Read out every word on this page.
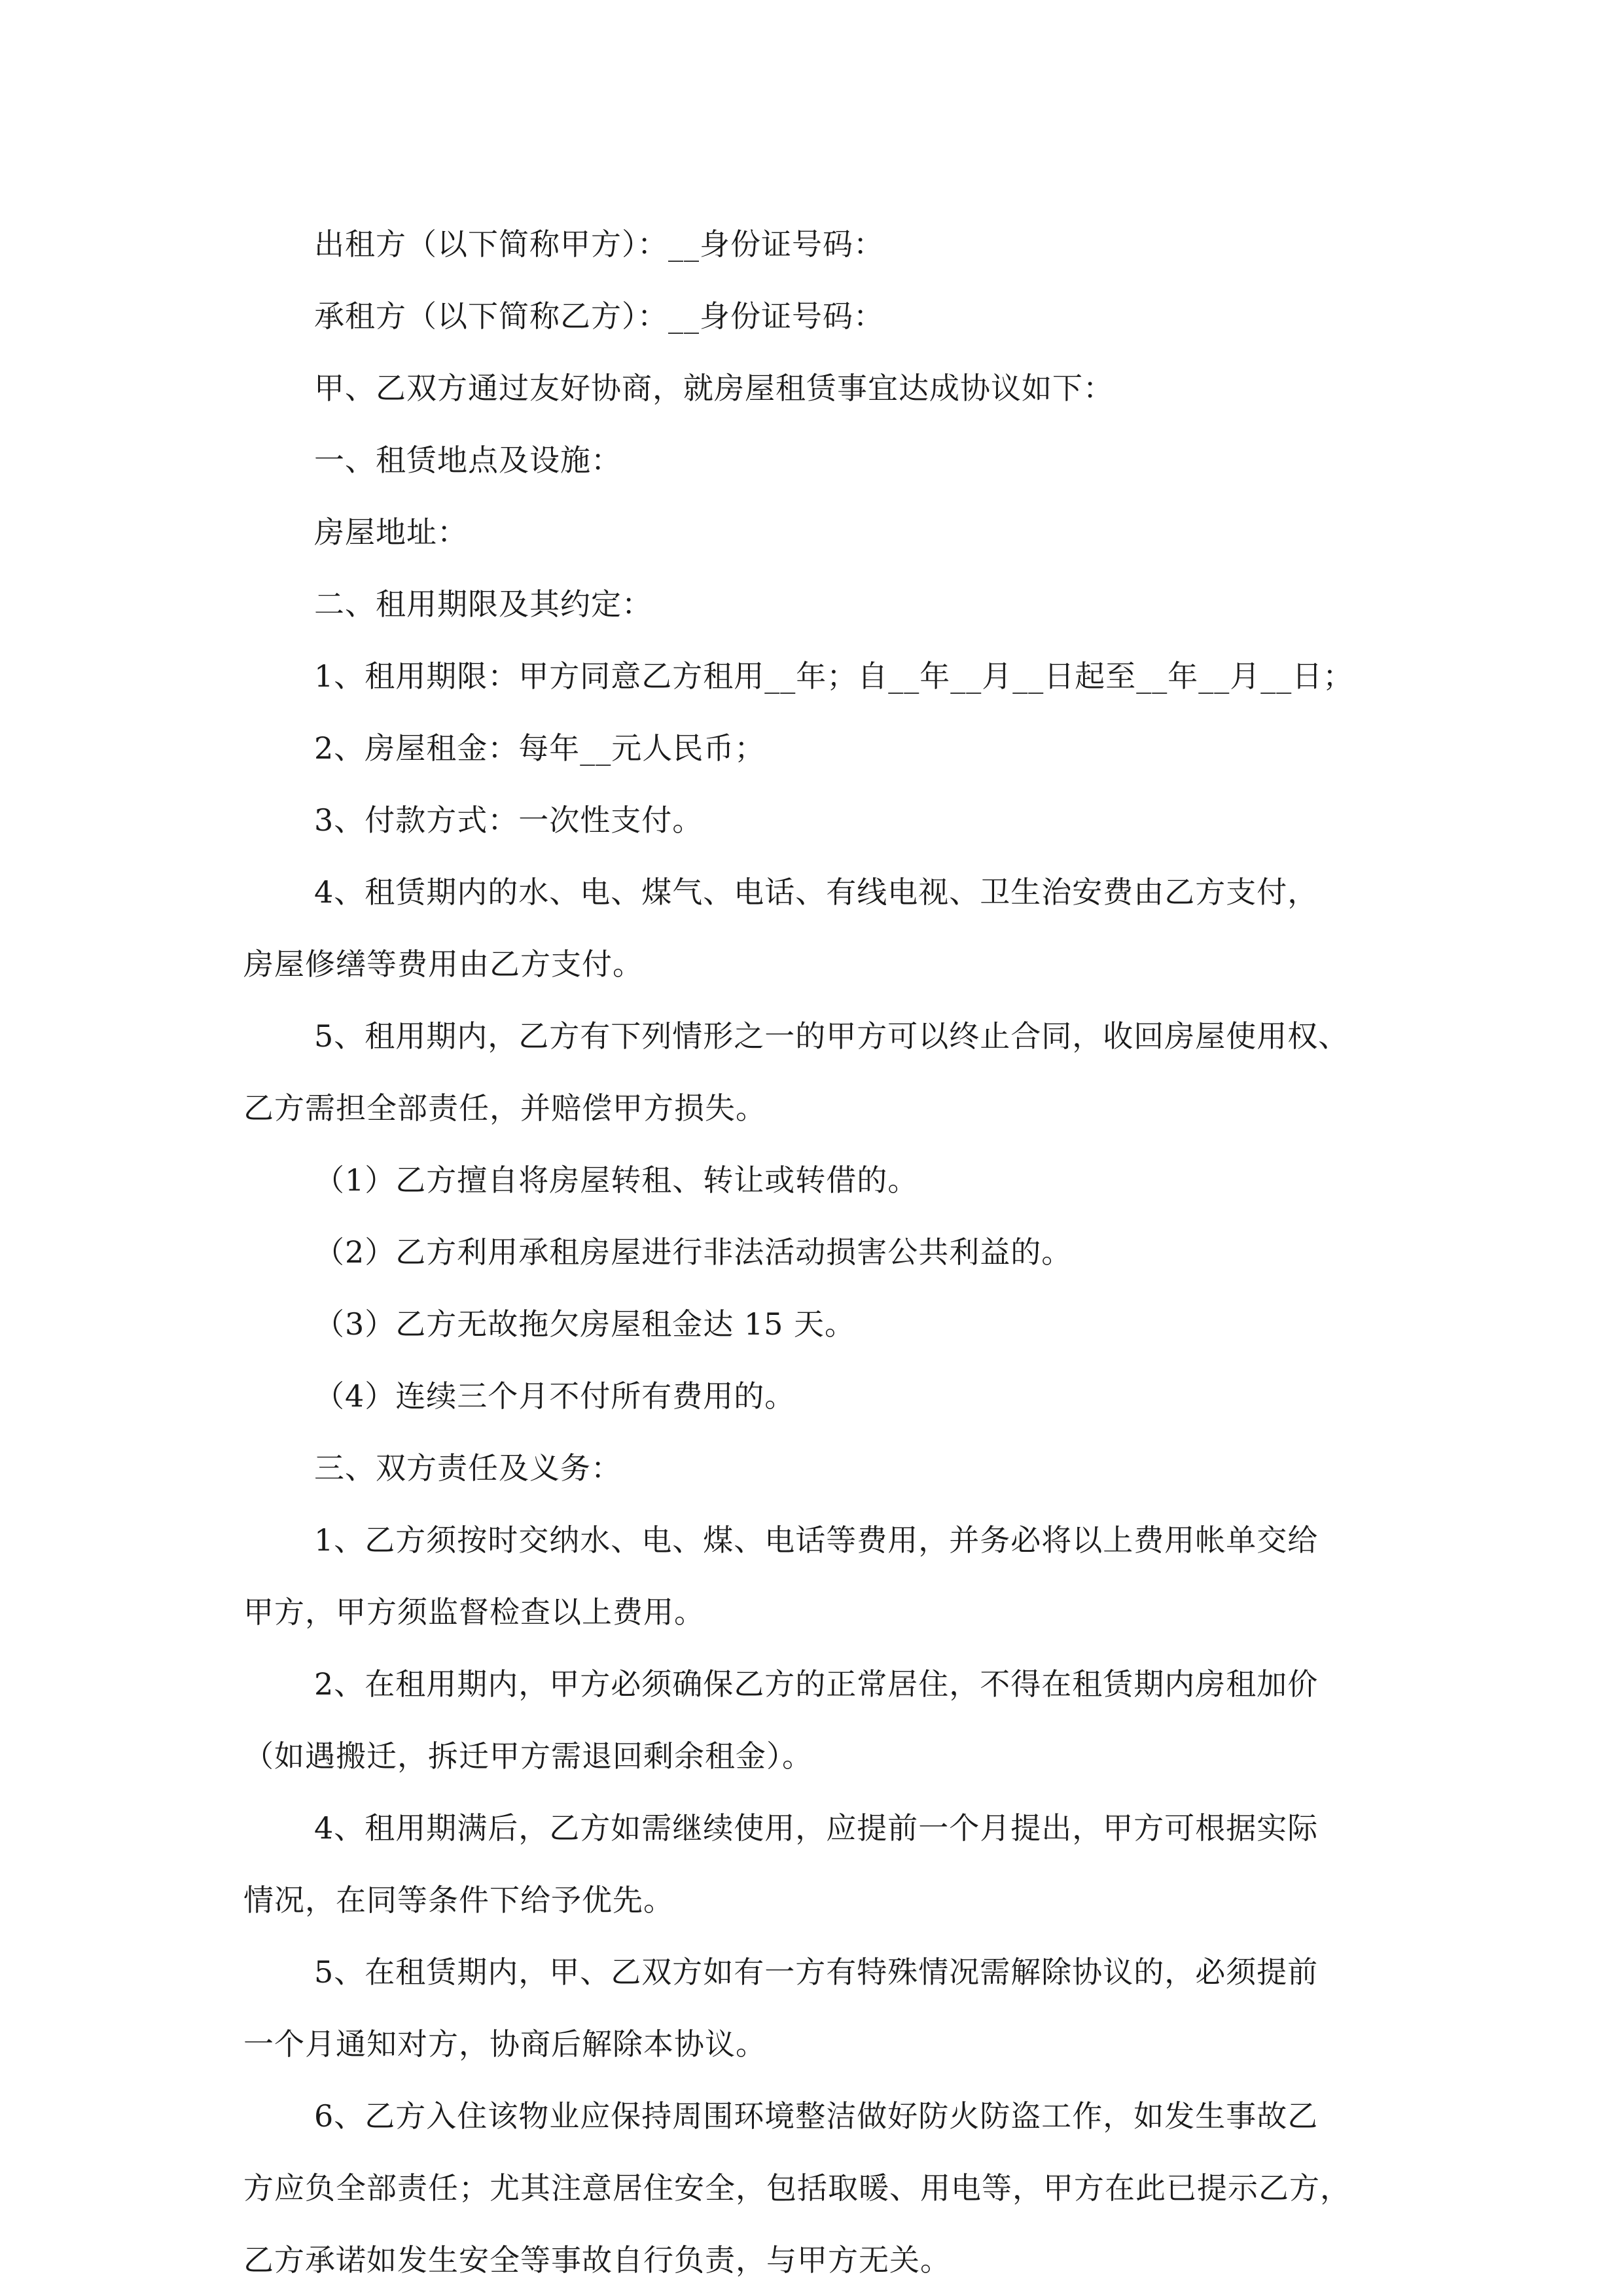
出租方（以下简称甲方）：__身份证号码：
承租方（以下简称乙方）：__身份证号码：
甲、乙双方通过友好协商，就房屋租赁事宜达成协议如下：
一、租赁地点及设施：
房屋地址：
二、租用期限及其约定：
1、租用期限：甲方同意乙方租用__年；自__年__月__日起至__年__月__日；
2、房屋租金：每年__元人民币；
3、付款方式：一次性支付。
4、租赁期内的水、电、煤气、电话、有线电视、卫生治安费由乙方支付，
房屋修缮等费用由乙方支付。
5、租用期内，乙方有下列情形之一的甲方可以终止合同，收回房屋使用权、
乙方需担全部责任，并赔偿甲方损失。
（1）乙方擅自将房屋转租、转让或转借的。
（2）乙方利用承租房屋进行非法活动损害公共利益的。
（3）乙方无故拖欠房屋租金达 15 天。
（4）连续三个月不付所有费用的。
三、双方责任及义务：
1、乙方须按时交纳水、电、煤、电话等费用，并务必将以上费用帐单交给
甲方，甲方须监督检查以上费用。
2、在租用期内，甲方必须确保乙方的正常居住，不得在租赁期内房租加价
（如遇搬迁，拆迁甲方需退回剩余租金）。
4、租用期满后，乙方如需继续使用，应提前一个月提出，甲方可根据实际
情况，在同等条件下给予优先。
5、在租赁期内，甲、乙双方如有一方有特殊情况需解除协议的，必须提前
一个月通知对方，协商后解除本协议。
6、乙方入住该物业应保持周围环境整洁做好防火防盗工作，如发生事故乙
方应负全部责任；尤其注意居住安全，包括取暖、用电等，甲方在此已提示乙方，
乙方承诺如发生安全等事故自行负责，与甲方无关。
